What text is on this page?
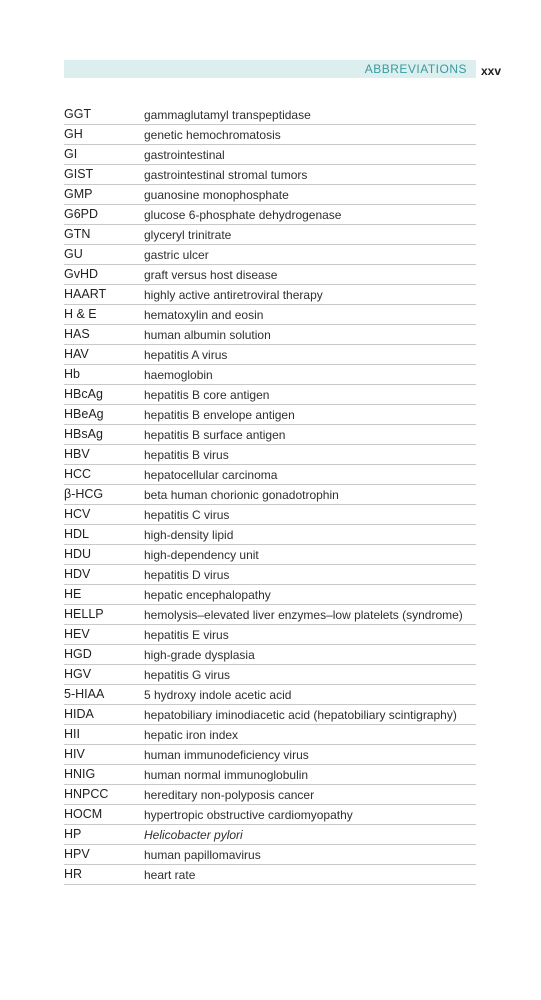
ABBREVIATIONS xxv
GGT	gammaglutamyl transpeptidase
GH	genetic hemochromatosis
GI	gastrointestinal
GIST	gastrointestinal stromal tumors
GMP	guanosine monophosphate
G6PD	glucose 6-phosphate dehydrogenase
GTN	glyceryl trinitrate
GU	gastric ulcer
GvHD	graft versus host disease
HAART	highly active antiretroviral therapy
H & E	hematoxylin and eosin
HAS	human albumin solution
HAV	hepatitis A virus
Hb	haemoglobin
HBcAg	hepatitis B core antigen
HBeAg	hepatitis B envelope antigen
HBsAg	hepatitis B surface antigen
HBV	hepatitis B virus
HCC	hepatocellular carcinoma
β-HCG	beta human chorionic gonadotrophin
HCV	hepatitis C virus
HDL	high-density lipid
HDU	high-dependency unit
HDV	hepatitis D virus
HE	hepatic encephalopathy
HELLP	hemolysis–elevated liver enzymes–low platelets (syndrome)
HEV	hepatitis E virus
HGD	high-grade dysplasia
HGV	hepatitis G virus
5-HIAA	5 hydroxy indole acetic acid
HIDA	hepatobiliary iminodiacetic acid (hepatobiliary scintigraphy)
HII	hepatic iron index
HIV	human immunodeficiency virus
HNIG	human normal immunoglobulin
HNPCC	hereditary non-polyposis cancer
HOCM	hypertropic obstructive cardiomyopathy
HP	Helicobacter pylori
HPV	human papillomavirus
HR	heart rate
